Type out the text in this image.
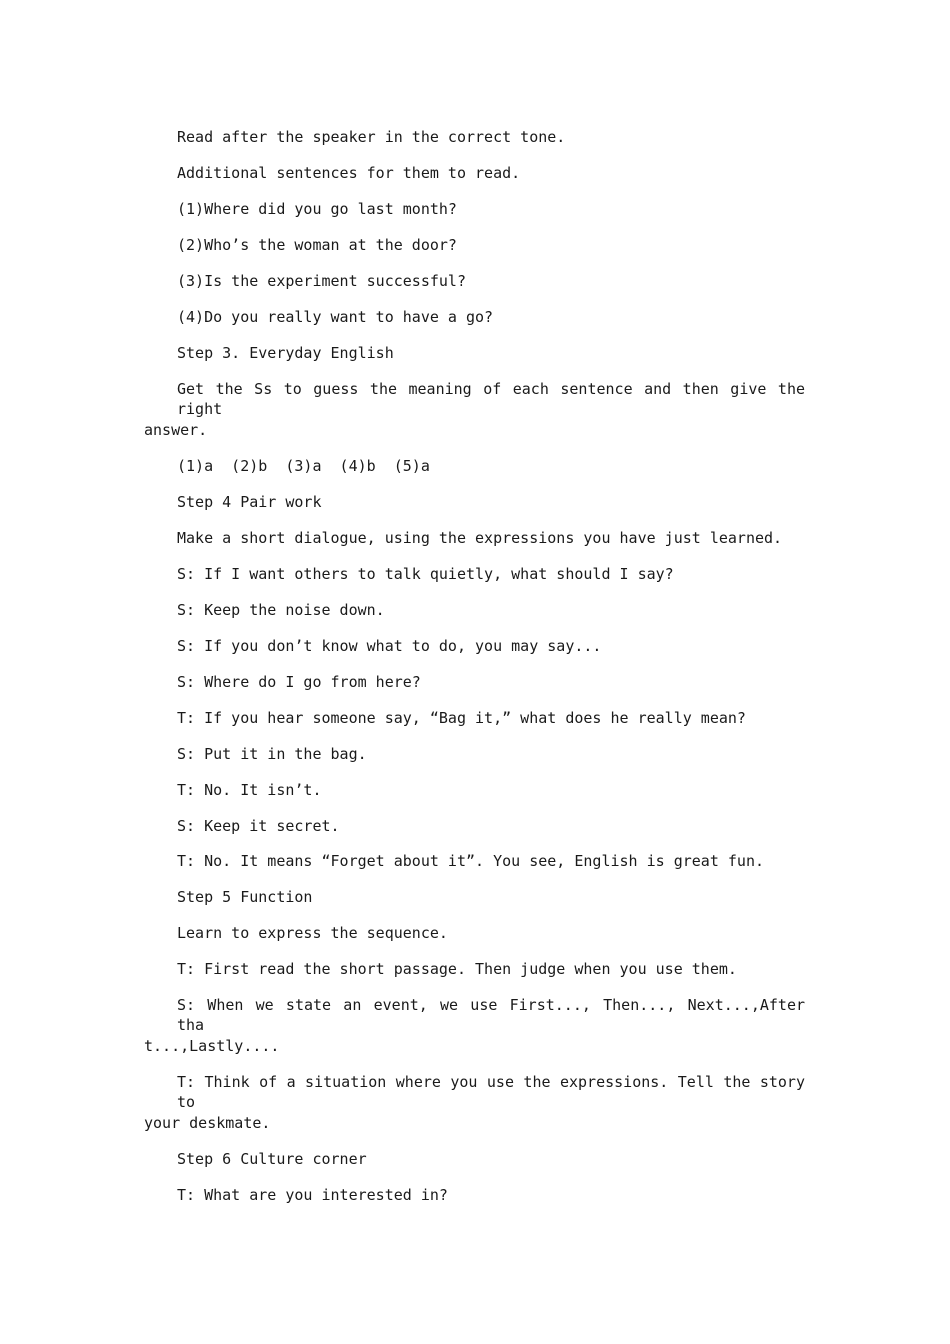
Read after the speaker in the correct tone.
Additional sentences for them to read.
(1)Where did you go last month?
(2)Who’s the woman at the door?
(3)Is the experiment successful?
(4)Do you really want to have a go?
Step 3. Everyday English
Get the Ss to guess the meaning of each sentence and then give the right
answer.
(1)a  (2)b  (3)a  (4)b  (5)a
Step 4 Pair work
Make a short dialogue, using the expressions you have just learned.
S: If I want others to talk quietly, what should I say?
S: Keep the noise down.
S: If you don’t know what to do, you may say...
S: Where do I go from here?
T: If you hear someone say, “Bag it,” what does he really mean?
S: Put it in the bag.
T: No. It isn’t.
S: Keep it secret.
T: No. It means “Forget about it”. You see, English is great fun.
Step 5 Function
Learn to express the sequence.
T: First read the short passage. Then judge when you use them.
S: When we state an event, we use First..., Then..., Next...,After tha
t...,Lastly....
T: Think of a situation where you use the expressions. Tell the story to
your deskmate.
Step 6 Culture corner
T: What are you interested in?
